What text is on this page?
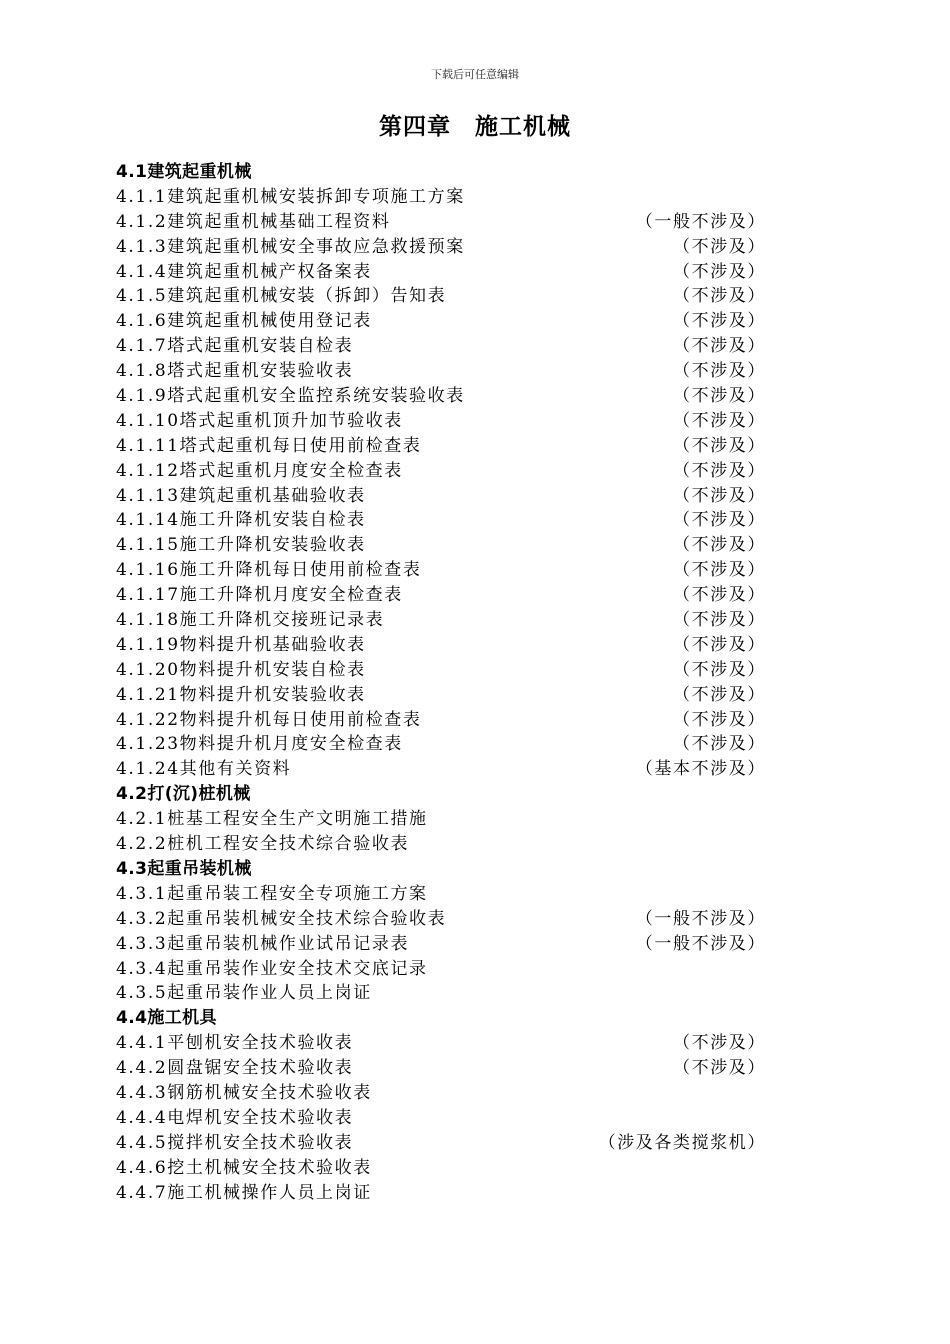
下载后可任意编辑
第四章　施工机械
4.1建筑起重机械
4.1.1建筑起重机械安装拆卸专项施工方案
4.1.2建筑起重机械基础工程资料	（一般不涉及）
4.1.3建筑起重机械安全事故应急救援预案	（不涉及）
4.1.4建筑起重机械产权备案表	（不涉及）
4.1.5建筑起重机械安装（拆卸）告知表	（不涉及）
4.1.6建筑起重机械使用登记表	（不涉及）
4.1.7塔式起重机安装自检表	（不涉及）
4.1.8塔式起重机安装验收表	（不涉及）
4.1.9塔式起重机安全监控系统安装验收表	（不涉及）
4.1.10塔式起重机顶升加节验收表	（不涉及）
4.1.11塔式起重机每日使用前检查表	（不涉及）
4.1.12塔式起重机月度安全检查表	（不涉及）
4.1.13建筑起重机基础验收表	（不涉及）
4.1.14施工升降机安装自检表	（不涉及）
4.1.15施工升降机安装验收表	（不涉及）
4.1.16施工升降机每日使用前检查表	（不涉及）
4.1.17施工升降机月度安全检查表	（不涉及）
4.1.18施工升降机交接班记录表	（不涉及）
4.1.19物料提升机基础验收表	（不涉及）
4.1.20物料提升机安装自检表	（不涉及）
4.1.21物料提升机安装验收表	（不涉及）
4.1.22物料提升机每日使用前检查表	（不涉及）
4.1.23物料提升机月度安全检查表	（不涉及）
4.1.24其他有关资料	（基本不涉及）
4.2打(沉)桩机械
4.2.1桩基工程安全生产文明施工措施
4.2.2桩机工程安全技术综合验收表
4.3起重吊装机械
4.3.1起重吊装工程安全专项施工方案
4.3.2起重吊装机械安全技术综合验收表	（一般不涉及）
4.3.3起重吊装机械作业试吊记录表	（一般不涉及）
4.3.4起重吊装作业安全技术交底记录
4.3.5起重吊装作业人员上岗证
4.4施工机具
4.4.1平刨机安全技术验收表	（不涉及）
4.4.2圆盘锯安全技术验收表	（不涉及）
4.4.3钢筋机械安全技术验收表
4.4.4电焊机安全技术验收表
4.4.5搅拌机安全技术验收表	（涉及各类搅浆机）
4.4.6挖土机械安全技术验收表
4.4.7施工机械操作人员上岗证
